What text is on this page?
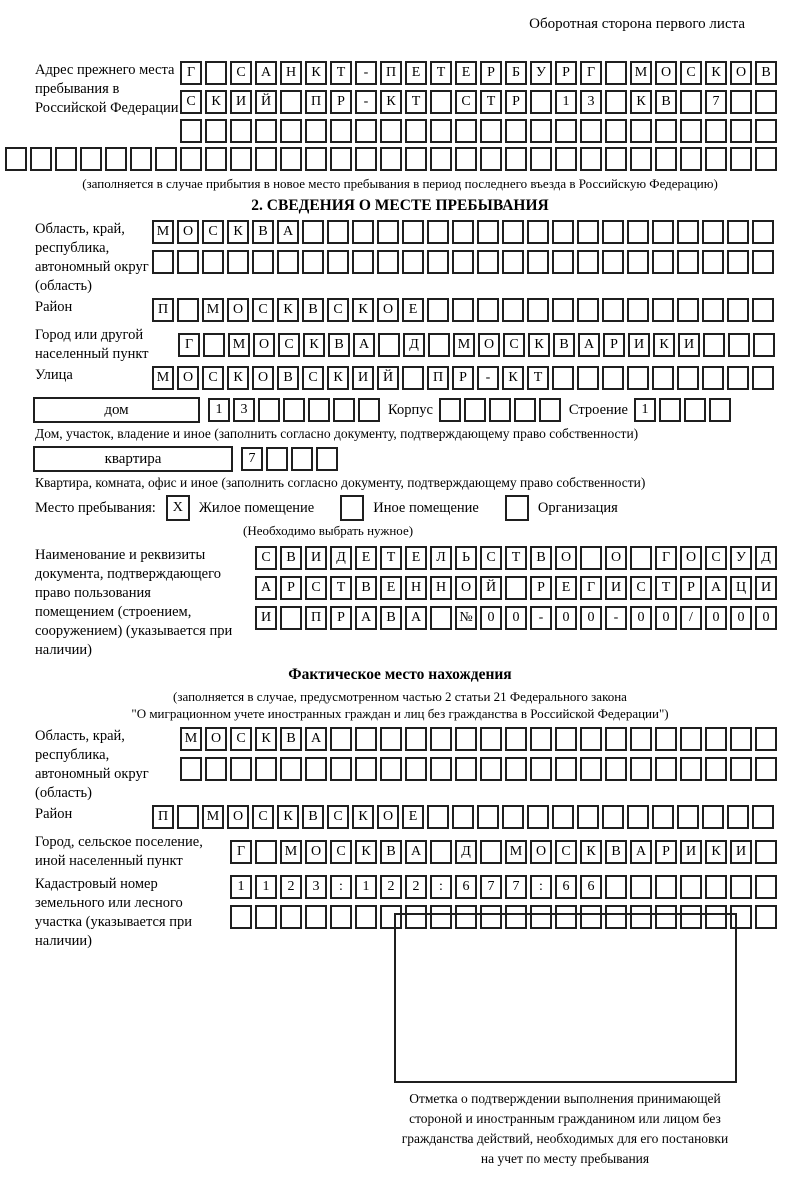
Оборотная сторона первого листа
Адрес прежнего места пребывания в Российской Федерации
Г	С	А	Н	К	Т	-	П	Е	Т	Е	Р	Б	У	Р	Г	М О	С	К	О	В
С	К	И	Й	П	Р	-	К	Т	С	Т	Р	1	3	К	В	7
(заполняется в случае прибытия в новое место пребывания в период последнего въезда в Российскую Федерацию)
2. СВЕДЕНИЯ О МЕСТЕ ПРЕБЫВАНИЯ
Область, край, республика, автономный округ (область)
М О	С	К	В	А
Район	П	М О	С	К	В	С	К	О	Е
Город или другой населенный пункт
Г	М О	С	К	В	А	Д	М О	С	К	В	А	Р	И	К	И
Улица	М О	С	К	О	В	С	К	И	Й	П	Р	-	К	Т
дом	1	3	Корпус	Строение 1
Дом, участок, владение и иное (заполнить согласно документу, подтверждающему право собственности)
квартира	7
Квартира, комната, офис и иное (заполнить согласно документу, подтверждающему право собственности)
Место пребывания:	X	Жилое помещение	Иное помещение	Организация
(Необходимо выбрать нужное)
Наименование и реквизиты документа, подтверждающего право пользования помещением (строением, сооружением) (указывается при наличии)
С	В	И	Д	Е	Т	Е	Л	Ь	С	Т	В	О	О	Г	О	С	У	Д
А	Р	С	Т	В	Е	Н	Н	О	Й	Р	Е	Г	И	С	Т	Р	А	Ц	И
И	П	Р	А	В	А	№	0	0	-	0	0	-	0	0	/	0	0	0
Фактическое место нахождения
(заполняется в случае, предусмотренном частью 2 статьи 21 Федерального закона
"О миграционном учете иностранных граждан и лиц без гражданства в Российской Федерации")
Область, край, республика, автономный округ (область)
М О	С	К	В	А
Район	П	М О	С	К	В	С	К	О	Е
Город, сельское поселение, иной населенный пункт
Г	М О	С	К	В	А	Д	М О	С	К	В	А	Р	И	К	И
Кадастровый номер земельного или лесного участка (указывается при наличии)
1	1	2	3	:	1	2	2	:	6	7	7	:	6	6
Отметка о подтверждении выполнения принимающей
стороной и иностранным гражданином или лицом без
гражданства действий, необходимых для его постановки
на учет по месту пребывания
